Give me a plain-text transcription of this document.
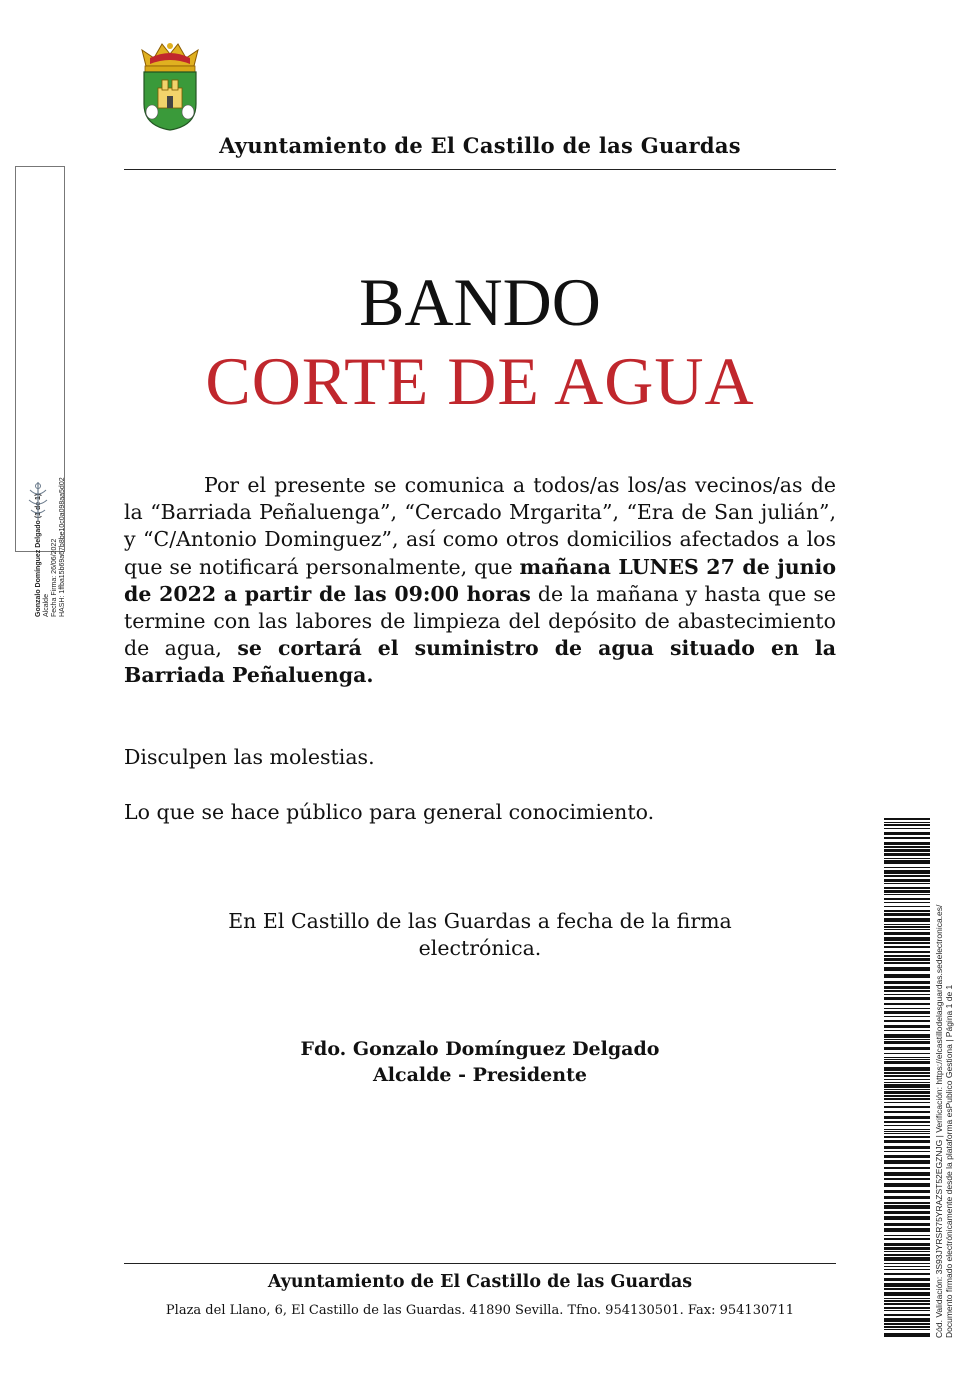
Ayuntamiento de El Castillo de las Guardas
Gonzalo Domínguez Delgado (1 de 1) Alcalde Fecha Firma: 26/06/2022 HASH: 1ffba15b69a67b8be10c0a098aa5d02
BANDO
CORTE DE AGUA
Por el presente se comunica a todos/as los/as vecinos/as de la “Barriada Peñaluenga”, “Cercado Mrgarita”, “Era de San julián”, y “C/Antonio Dominguez”, así como otros domicilios afectados a los que se notificará personalmente, que mañana LUNES 27 de junio de 2022 a partir de las 09:00 horas de la mañana y hasta que se termine con las labores de limpieza del depósito de abastecimiento de agua, se cortará el suministro de agua situado en la Barriada Peñaluenga.
Disculpen las molestias.
Lo que se hace público para general conocimiento.
En El Castillo de las Guardas a fecha de la firma electrónica.
Fdo. Gonzalo Domínguez Delgado
Alcalde - Presidente
Ayuntamiento de El Castillo de las Guardas
Plaza del Llano, 6, El Castillo de las Guardas. 41890 Sevilla. Tfno. 954130501. Fax: 954130711	Cód. Validación: 3S93JYRSR75YRAZST52EGZNJG | Verificación: https://elcastillodelasguardas.sedelectronica.es/ Documento firmado electrónicamente desde la plataforma esPublico Gestiona | Página 1 de 1
